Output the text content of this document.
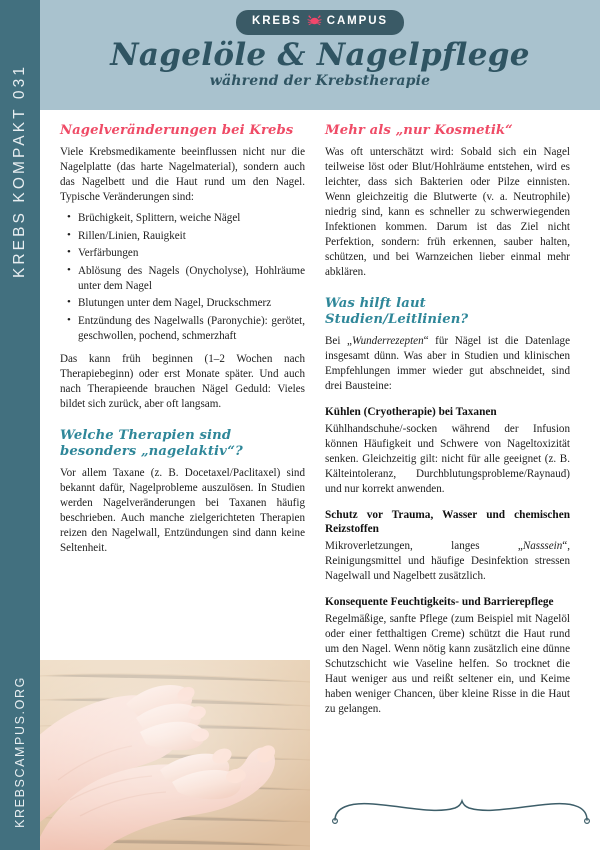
KREBS KOMPAKT 031
KREBSCAMPUS.ORG
KREBS CAMPUS
Nagelöle & Nagelpflege
während der Krebstherapie
Nagelveränderungen bei Krebs

Viele Krebsmedikamente beeinflussen nicht nur die Nagelplatte (das harte Nagelmaterial), sondern auch das Nagelbett und die Haut rund um den Nagel. Typische Veränderungen sind:

• Brüchigkeit, Splittern, weiche Nägel
• Rillen/Linien, Rauigkeit
• Verfärbungen
• Ablösung des Nagels (Onycholyse), Hohlräume unter dem Nagel
• Blutungen unter dem Nagel, Druckschmerz
• Entzündung des Nagelwalls (Paronychie): gerötet, geschwollen, pochend, schmerzhaft

Das kann früh beginnen (1–2 Wochen nach Therapiebeginn) oder erst Monate später. Und auch nach Therapieende brauchen Nägel Geduld: Vieles bildet sich zurück, aber oft langsam.

Welche Therapien sind besonders „nagelaktiv“?

Vor allem Taxane (z. B. Docetaxel/Paclitaxel) sind bekannt dafür, Nagelprobleme auszulösen. In Studien werden Nagelveränderungen bei Taxanen häufig beschrieben. Auch manche zielgerichteten Therapien reizen den Nagelwall, Entzündungen sind dann keine Seltenheit.

Mehr als „nur Kosmetik“

Was oft unterschätzt wird: Sobald sich ein Nagel teilweise löst oder Blut/Hohlräume entstehen, wird es leichter, dass sich Bakterien oder Pilze einnisten. Wenn gleichzeitig die Blutwerte (v. a. Neutrophile) niedrig sind, kann es schneller zu schwerwiegenden Infektionen kommen. Darum ist das Ziel nicht Perfektion, sondern: früh erkennen, sauber halten, schützen, und bei Warnzeichen lieber einmal mehr abklären.

Was hilft laut Studien/Leitlinien?

Bei „Wunderrezepten“ für Nägel ist die Datenlage insgesamt dünn. Was aber in Studien und klinischen Empfehlungen immer wieder gut abschneidet, sind drei Bausteine:

Kühlen (Cryotherapie) bei Taxanen

Kühlhandschuhe/-socken während der Infusion können Häufigkeit und Schwere von Nageltoxizität senken. Gleichzeitig gilt: nicht für alle geeignet (z. B. Kälteintoleranz, Durchblutungsprobleme/Raynaud) und nur korrekt anwenden.

Schutz vor Trauma, Wasser und chemischen Reizstoffen

Mikroverletzungen, langes „Nasssein“, Reinigungsmittel und häufige Desinfektion stressen Nagelwall und Nagelbett zusätzlich.

Konsequente Feuchtigkeits- und Barrierepflege

Regelmäßige, sanfte Pflege (zum Beispiel mit Nagelöl oder einer fetthaltigen Creme) schützt die Haut rund um den Nagel. Wenn nötig kann zusätzlich eine dünne Schutzschicht wie Vaseline helfen. So trocknet die Haut weniger aus und reißt seltener ein, und Keime haben weniger Chancen, über kleine Risse in die Haut zu gelangen.
